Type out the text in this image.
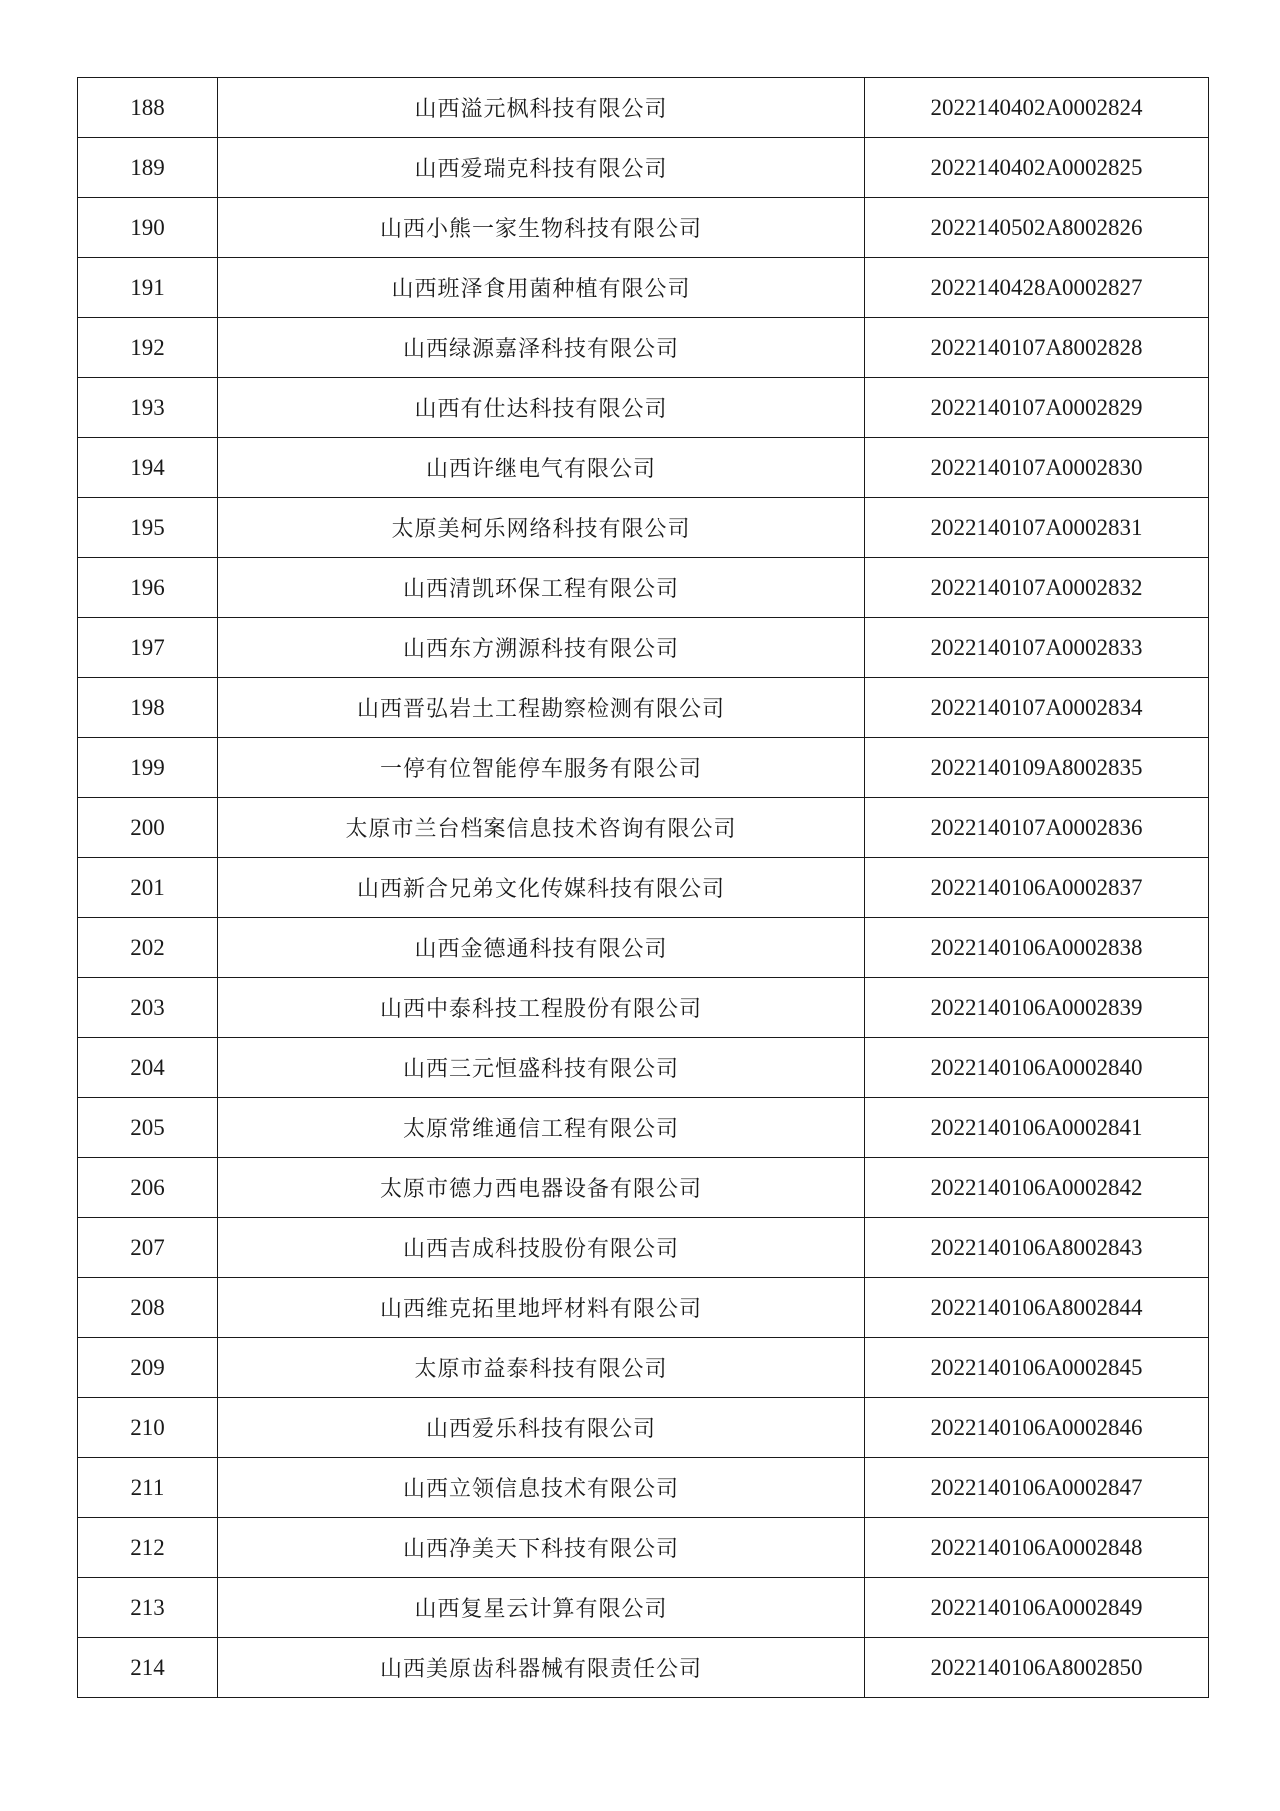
188	山西溢元枫科技有限公司	2022140402A0002824
189	山西爱瑞克科技有限公司	2022140402A0002825
190	山西小熊一家生物科技有限公司	2022140502A8002826
191	山西班泽食用菌种植有限公司	2022140428A0002827
192	山西绿源嘉泽科技有限公司	2022140107A8002828
193	山西有仕达科技有限公司	2022140107A0002829
194	山西许继电气有限公司	2022140107A0002830
195	太原美柯乐网络科技有限公司	2022140107A0002831
196	山西清凯环保工程有限公司	2022140107A0002832
197	山西东方溯源科技有限公司	2022140107A0002833
198	山西晋弘岩土工程勘察检测有限公司	2022140107A0002834
199	一停有位智能停车服务有限公司	2022140109A8002835
200	太原市兰台档案信息技术咨询有限公司	2022140107A0002836
201	山西新合兄弟文化传媒科技有限公司	2022140106A0002837
202	山西金德通科技有限公司	2022140106A0002838
203	山西中泰科技工程股份有限公司	2022140106A0002839
204	山西三元恒盛科技有限公司	2022140106A0002840
205	太原常维通信工程有限公司	2022140106A0002841
206	太原市德力西电器设备有限公司	2022140106A0002842
207	山西吉成科技股份有限公司	2022140106A8002843
208	山西维克拓里地坪材料有限公司	2022140106A8002844
209	太原市益泰科技有限公司	2022140106A0002845
210	山西爱乐科技有限公司	2022140106A0002846
211	山西立领信息技术有限公司	2022140106A0002847
212	山西净美天下科技有限公司	2022140106A0002848
213	山西复星云计算有限公司	2022140106A0002849
214	山西美原齿科器械有限责任公司	2022140106A8002850
